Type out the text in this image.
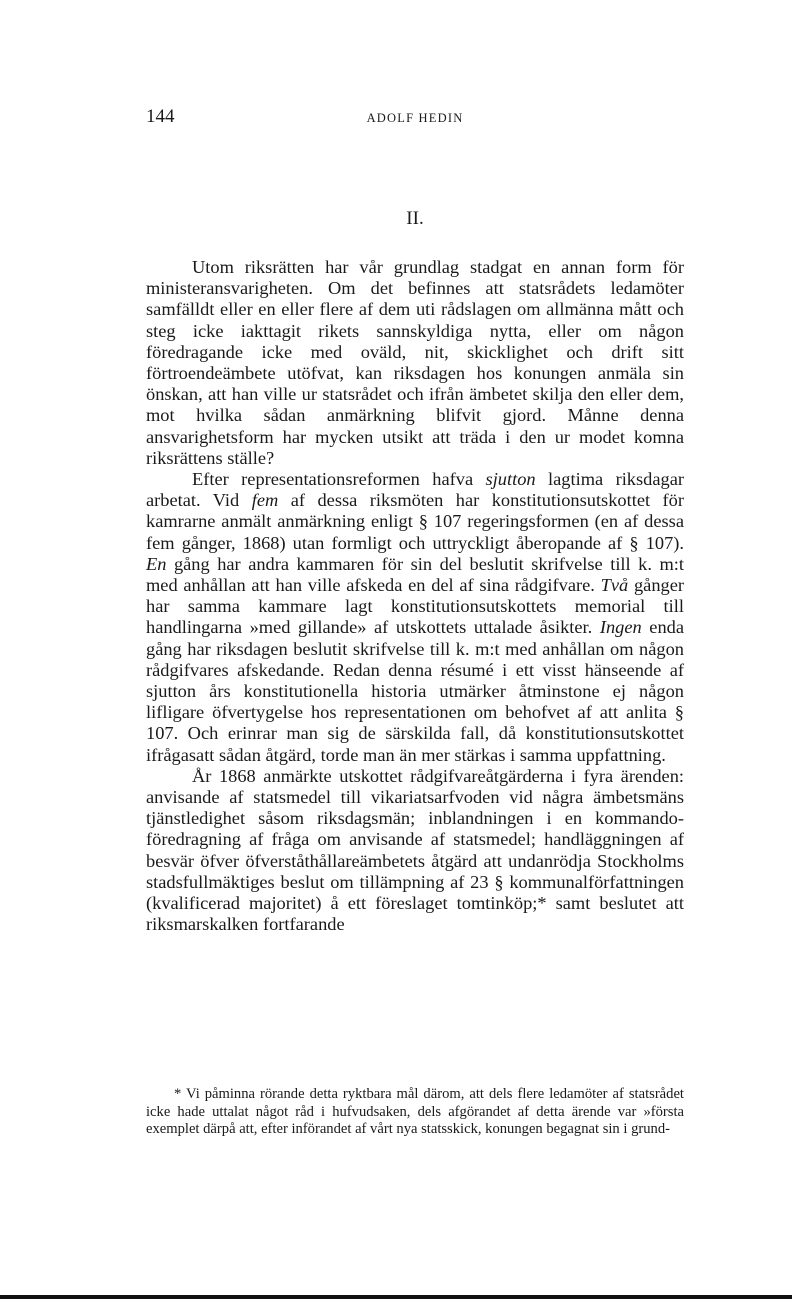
144	ADOLF HEDIN
II.

Utom riksrätten har vår grundlag stadgat en annan form för ministeransvarigheten. Om det befinnes att statsrådets ledamöter samfälldt eller en eller flere af dem uti rådslagen om allmänna mått och steg icke iakttagit rikets sannskyldiga nytta, eller om någon föredragande icke med oväld, nit, skicklighet och drift sitt förtroendeämbete utöfvat, kan riksdagen hos konungen anmäla sin önskan, att han ville ur statsrådet och ifrån ämbetet skilja den eller dem, mot hvilka sådan anmärkning blifvit gjord. Månne denna ansvarighetsform har mycken utsikt att träda i den ur modet komna riksrättens ställe?

Efter representationsreformen hafva sjutton lagtima riksdagar arbetat. Vid fem af dessa riksmöten har konstitutionsutskottet för kamrarne anmält anmärkning enligt § 107 regeringsformen (en af dessa fem gånger, 1868) utan formligt och uttryckligt åberopande af § 107). En gång har andra kammaren för sin del beslutit skrifvelse till k. m:t med anhållan att han ville afskeda en del af sina rådgifvare. Två gånger har samma kammare lagt konstitutionsutskottets memorial till handlingarna »med gillande» af utskottets uttalade åsikter. Ingen enda gång har riksdagen beslutit skrifvelse till k. m:t med anhållan om någon rådgifvares afskedande. Redan denna résumé i ett visst hänseende af sjutton års konstitutionella historia utmärker åtminstone ej någon lifligare öfvertygelse hos representationen om behofvet af att anlita § 107. Och erinrar man sig de särskilda fall, då konstitutionsutskottet ifrågasatt sådan åtgärd, torde man än mer stärkas i samma uppfattning.

År 1868 anmärkte utskottet rådgifvareåtgärderna i fyra ärenden: anvisande af statsmedel till vikariatsarfvoden vid några ämbetsmäns tjänstledighet såsom riksdagsmän; inblandningen i en kommando-föredragning af fråga om anvisande af statsmedel; handläggningen af besvär öfver öfverståthållareämbetets åtgärd att undanrödja Stockholms stadsfullmäktiges beslut om tillämpning af 23 § kommunalförfattningen (kvalificerad majoritet) å ett föreslaget tomtinköp;* samt beslutet att riksmarskalken fortfarande

* Vi påminna rörande detta ryktbara mål därom, att dels flere ledamöter af statsrådet icke hade uttalat något råd i hufvudsaken, dels afgörandet af detta ärende var »första exemplet därpå att, efter införandet af vårt nya statsskick, konungen begagnat sin i grund-
